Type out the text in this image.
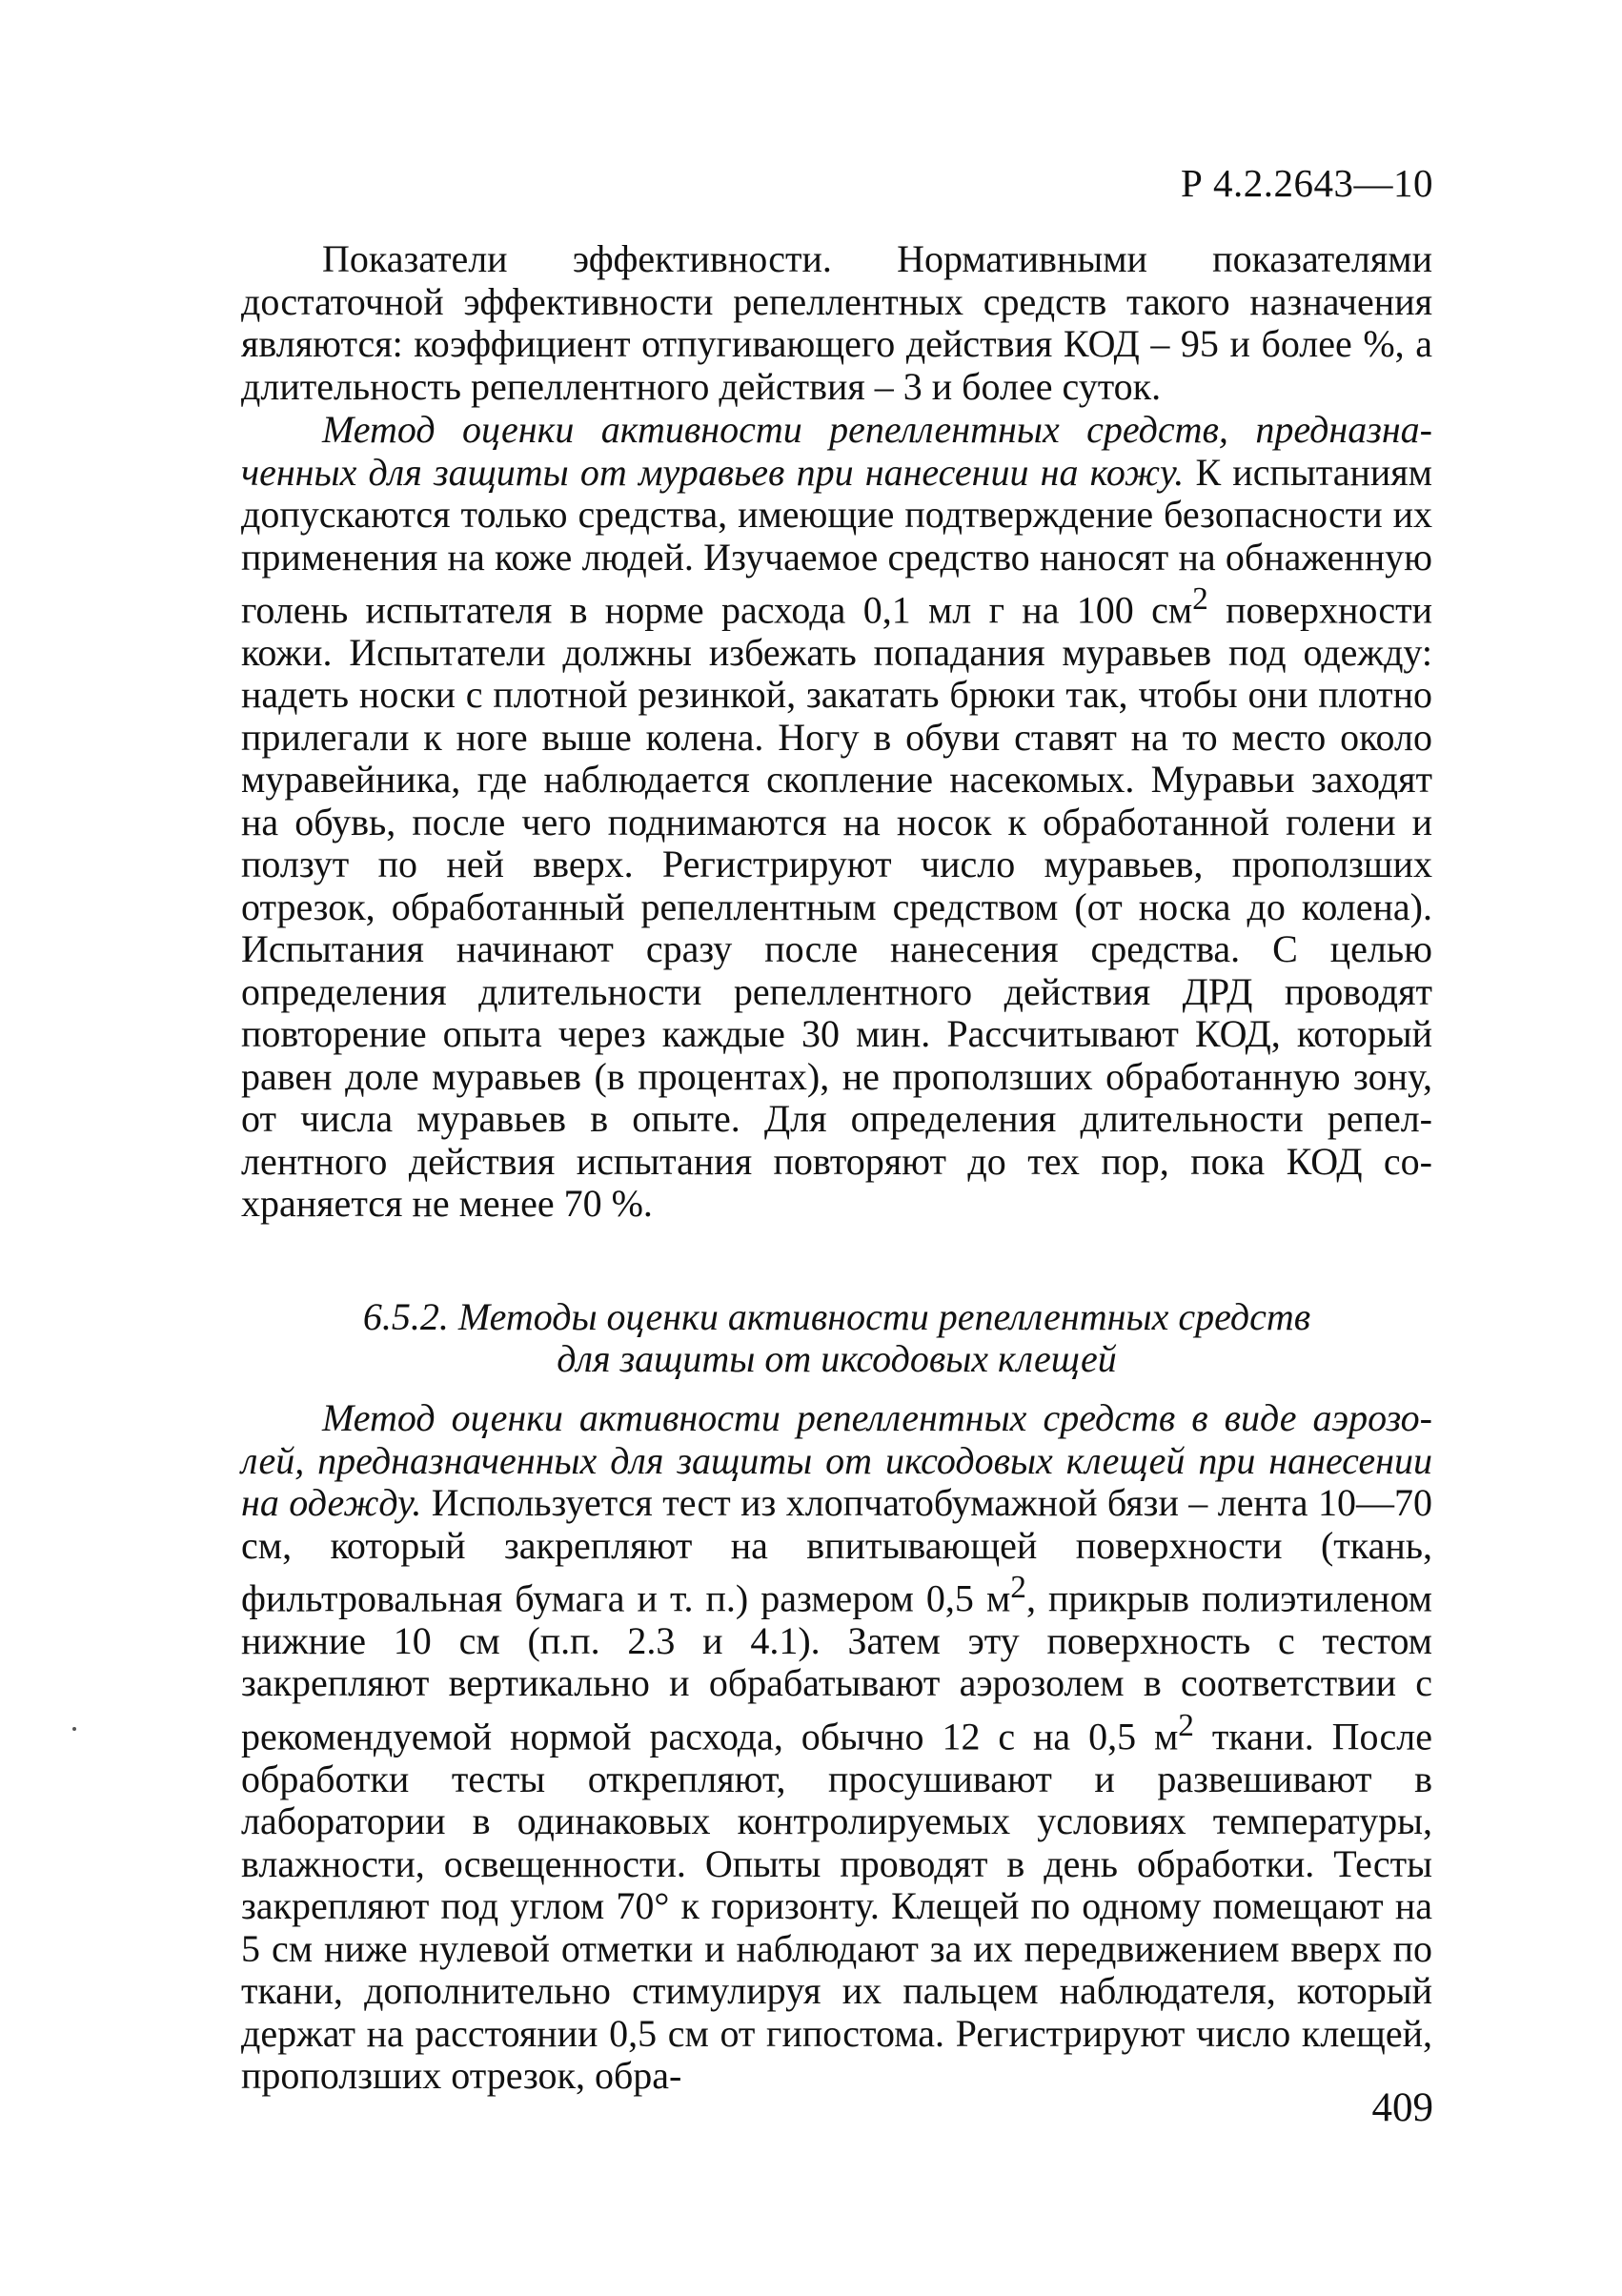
Р 4.2.2643—10

Показатели эффективности. Нормативными показателями достаточной эффективности репеллентных средств такого назначения являются: коэффициент отпугивающего действия КОД – 95 и более %, а длительность репеллентного действия – 3 и более суток.

Метод оценки активности репеллентных средств, предназначенных для защиты от муравьев при нанесении на кожу. К испытаниям допускаются только средства, имеющие подтверждение безопасности их применения на коже людей. Изучаемое средство наносят на обнаженную голень испытателя в норме расхода 0,1 мл г на 100 $см^2$ поверхности кожи. Испытатели должны избежать попадания муравьев под одежду: надеть носки с плотной резинкой, закатать брюки так, чтобы они плотно прилегали к ноге выше колена. Ногу в обуви ставят на то место около муравейника, где наблюдается скопление насекомых. Муравьи заходят на обувь, после чего поднимаются на носок к обработанной голени и ползут по ней вверх. Регистрируют число муравьев, проползших отрезок, обработанный репеллентным средством (от носка до колена). Испытания начинают сразу после нанесения средства. С целью определения длительности репеллентного действия ДРД проводят повторение опыта через каждые 30 мин. Рассчитывают КОД, который равен доле муравьев (в процентах), не проползших обработанную зону, от числа муравьев в опыте. Для определения длительности репеллентного действия испытания повторяют до тех пор, пока КОД сохраняется не менее 70 %.

6.5.2. Методы оценки активности репеллентных средств
для защиты от иксодовых клещей

Метод оценки активности репеллентных средств в виде аэрозолей, предназначенных для защиты от иксодовых клещей при нанесении на одежду. Используется тест из хлопчатобумажной бязи – лента 10—70 см, который закрепляют на впитывающей поверхности (ткань, фильтровальная бумага и т. п.) размером 0,5 $м^2$, прикрыв полиэтиленом нижние 10 см (п.п. 2.3 и 4.1). Затем эту поверхность с тестом закрепляют вертикально и обрабатывают аэрозолем в соответствии с рекомендуемой нормой расхода, обычно 12 с на 0,5 $м^2$ ткани. После обработки тесты открепляют, просушивают и развешивают в лаборатории в одинаковых контролируемых условиях температуры, влажности, освещенности. Опыты проводят в день обработки. Тесты закрепляют под углом 70° к горизонту. Клещей по одному помещают на 5 см ниже нулевой отметки и наблюдают за их передвижением вверх по ткани, дополнительно стимулируя их пальцем наблюдателя, который держат на расстоянии 0,5 см от гипостома. Регистрируют число клещей, проползших отрезок, обра-

409
